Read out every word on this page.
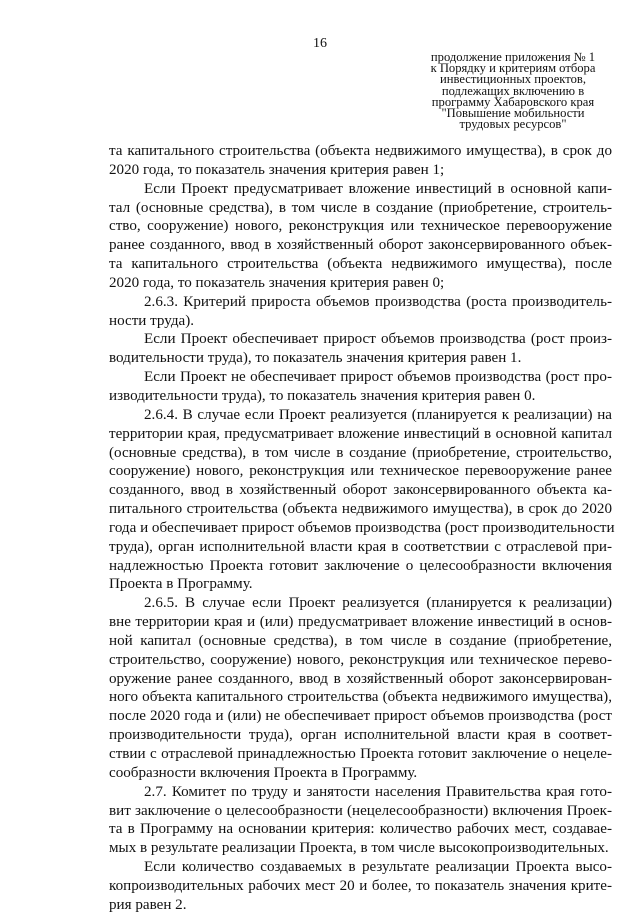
16
продолжение приложения № 1
к Порядку и критериям отбора
инвестиционных проектов,
подлежащих включению в
программу Хабаровского края
"Повышение мобильности
трудовых ресурсов"
та капитального строительства (объекта недвижимого имущества), в срок до
2020 года, то показатель значения критерия равен 1;
Если Проект предусматривает вложение инвестиций в основной капи-
тал (основные средства), в том числе в создание (приобретение, строитель-
ство, сооружение) нового, реконструкция или техническое перевооружение
ранее созданного, ввод в хозяйственный оборот законсервированного объек-
та капитального строительства (объекта недвижимого имущества), после
2020 года, то показатель значения критерия равен 0;
2.6.3. Критерий прироста объемов производства (роста производитель-
ности труда).
Если Проект обеспечивает прирост объемов производства (рост произ-
водительности труда), то показатель значения критерия равен 1.
Если Проект не обеспечивает прирост объемов производства (рост про-
изводительности труда), то показатель значения критерия равен 0.
2.6.4. В случае если Проект реализуется (планируется к реализации) на
территории края, предусматривает вложение инвестиций в основной капитал
(основные средства), в том числе в создание (приобретение, строительство,
сооружение) нового, реконструкция или техническое перевооружение ранее
созданного, ввод в хозяйственный оборот законсервированного объекта ка-
питального строительства (объекта недвижимого имущества), в срок до 2020
года и обеспечивает прирост объемов производства (рост производительности
труда), орган исполнительной власти края в соответствии с отраслевой при-
надлежностью Проекта готовит заключение о целесообразности включения
Проекта в Программу.
2.6.5. В случае если Проект реализуется (планируется к реализации)
вне территории края и (или) предусматривает вложение инвестиций в основ-
ной капитал (основные средства), в том числе в создание (приобретение,
строительство, сооружение) нового, реконструкция или техническое перево-
оружение ранее созданного, ввод в хозяйственный оборот законсервирован-
ного объекта капитального строительства (объекта недвижимого имущества),
после 2020 года и (или) не обеспечивает прирост объемов производства (рост
производительности труда), орган исполнительной власти края в соответ-
ствии с отраслевой принадлежностью Проекта готовит заключение о нецеле-
сообразности включения Проекта в Программу.
2.7. Комитет по труду и занятости населения Правительства края гото-
вит заключение о целесообразности (нецелесообразности) включения Проек-
та в Программу на основании критерия: количество рабочих мест, создавае-
мых в результате реализации Проекта, в том числе высокопроизводительных.
Если количество создаваемых в результате реализации Проекта высо-
копроизводительных рабочих мест 20 и более, то показатель значения крите-
рия равен 2.
